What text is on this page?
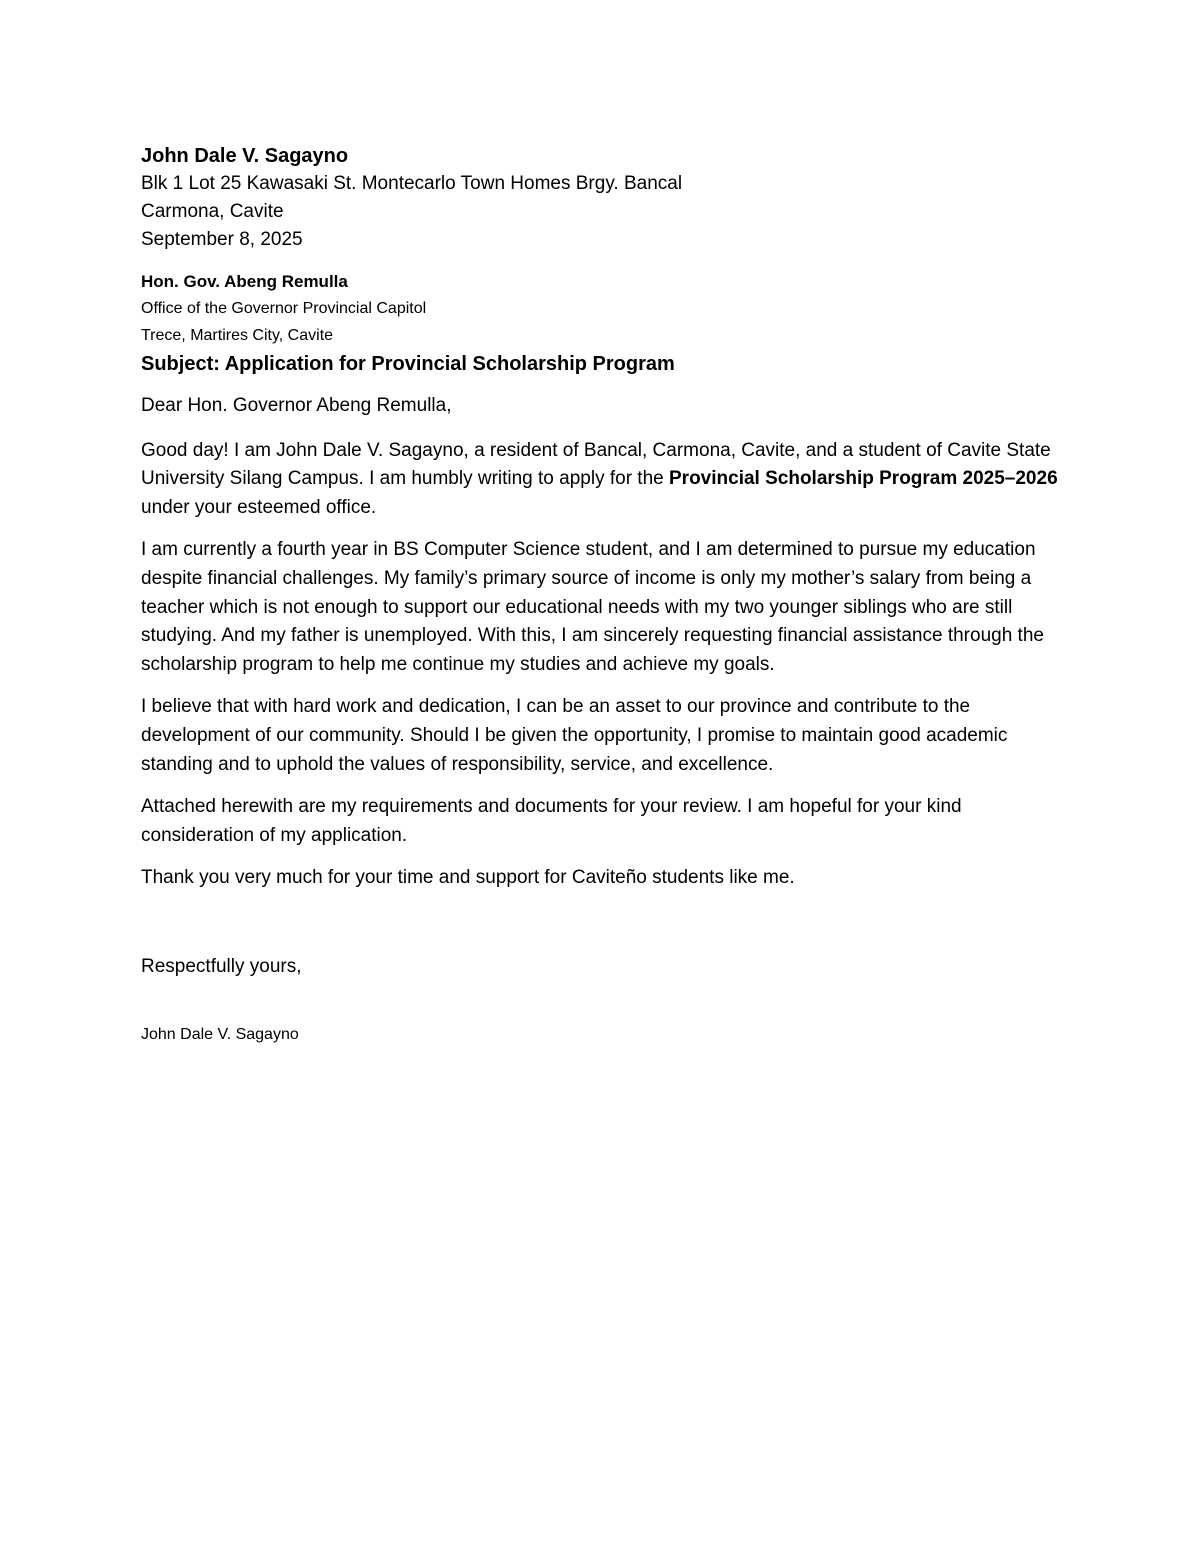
John Dale V. Sagayno
Blk 1 Lot 25 Kawasaki St. Montecarlo Town Homes Brgy. Bancal
Carmona, Cavite
September 8, 2025
Hon. Gov. Abeng Remulla
Office of the Governor Provincial Capitol
Trece, Martires City, Cavite
Subject: Application for Provincial Scholarship Program

Dear Hon. Governor Abeng Remulla,

Good day! I am John Dale V. Sagayno, a resident of Bancal, Carmona, Cavite, and a student of Cavite State University Silang Campus. I am humbly writing to apply for the Provincial Scholarship Program 2025–2026 under your esteemed office.

I am currently a fourth year in BS Computer Science student, and I am determined to pursue my education despite financial challenges. My family’s primary source of income is only my mother’s salary from being a teacher which is not enough to support our educational needs with my two younger siblings who are still studying. And my father is unemployed. With this, I am sincerely requesting financial assistance through the scholarship program to help me continue my studies and achieve my goals.

I believe that with hard work and dedication, I can be an asset to our province and contribute to the development of our community. Should I be given the opportunity, I promise to maintain good academic standing and to uphold the values of responsibility, service, and excellence.

Attached herewith are my requirements and documents for your review. I am hopeful for your kind consideration of my application.

Thank you very much for your time and support for Caviteño students like me.

Respectfully yours,
John Dale V. Sagayno
